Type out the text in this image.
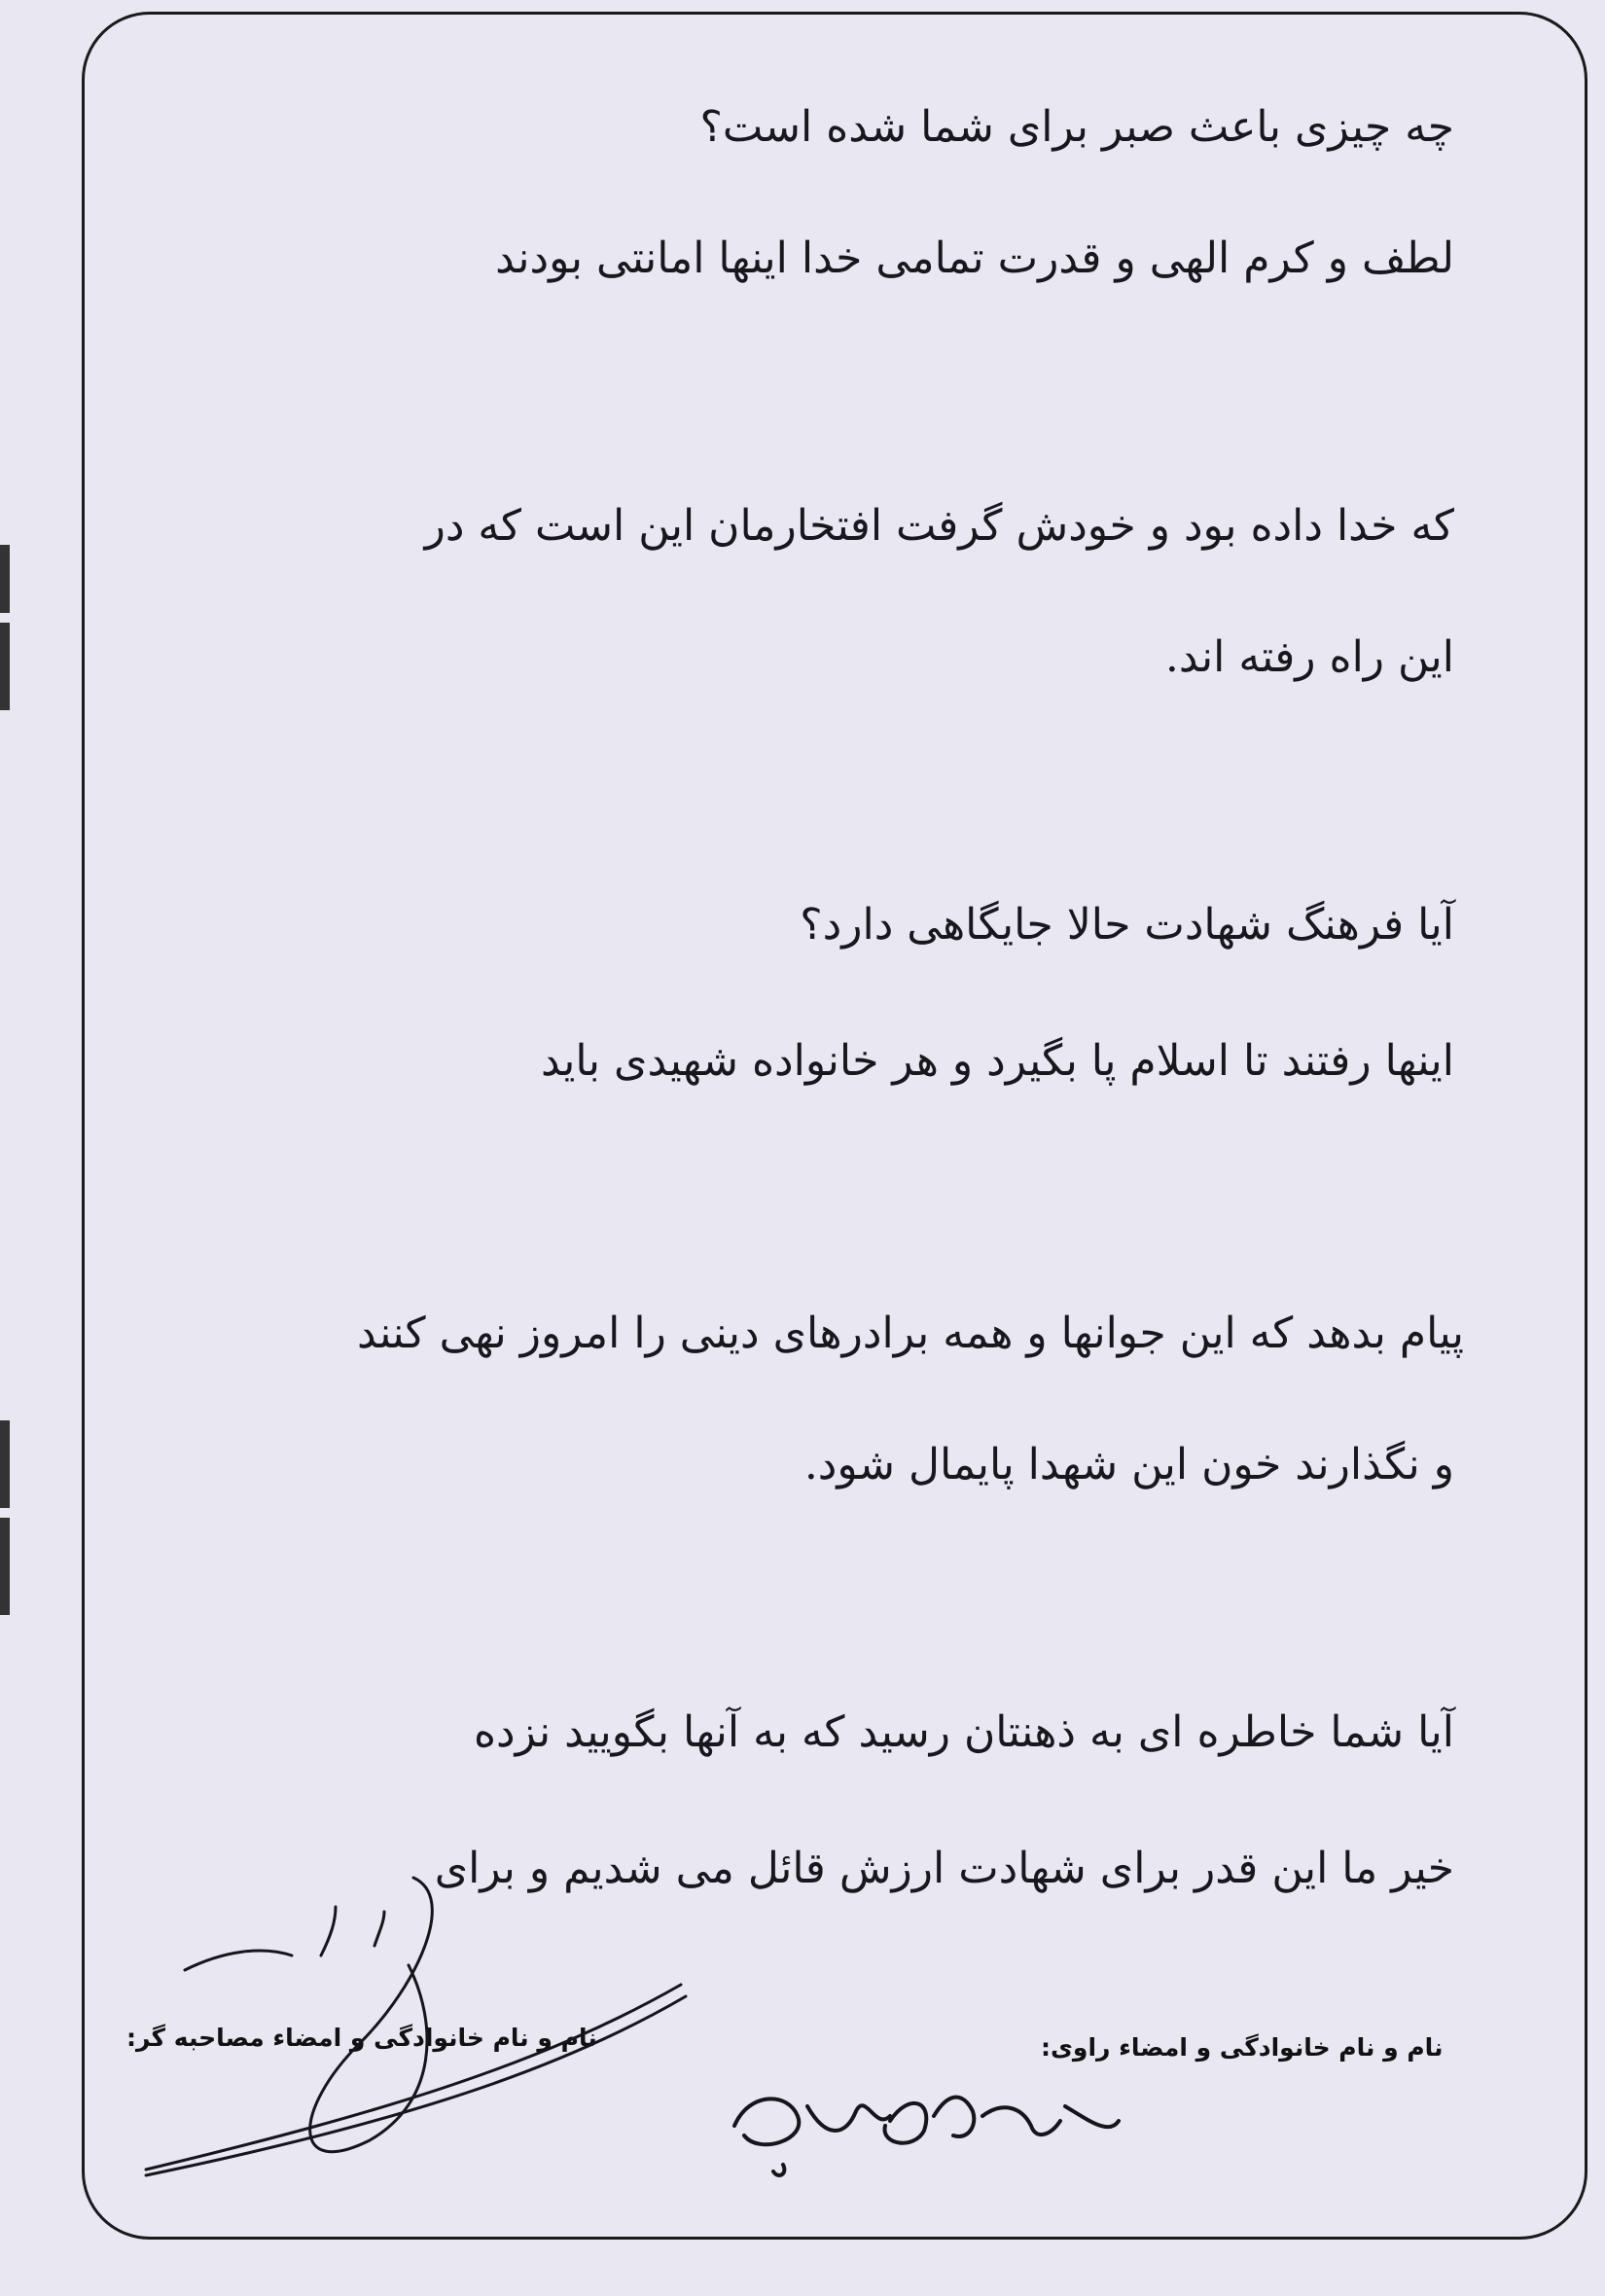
چه چیزی باعث صبر برای شما شده است؟
لطف و کرم الهی و قدرت تمامی خدا اینها امانتی بودند
که خدا داده بود و خودش گرفت افتخارمان این است که در
این راه رفته اند.
آیا فرهنگ شهادت حالا جایگاهی دارد؟
اینها رفتند تا اسلام پا بگیرد و هر خانواده شهیدی باید
پیام بدهد که این جوانها و همه برادرهای دینی را امروز نهی کنند
و نگذارند خون این شهدا پایمال شود.
آیا شما خاطره ای به ذهنتان رسید که به آنها بگویید نزده
خیر ما این قدر برای شهادت ارزش قائل می شدیم و برای
نام و نام خانوادگی و امضاء مصاحبه گر:	نام و نام خانوادگی و امضاء راوی:
